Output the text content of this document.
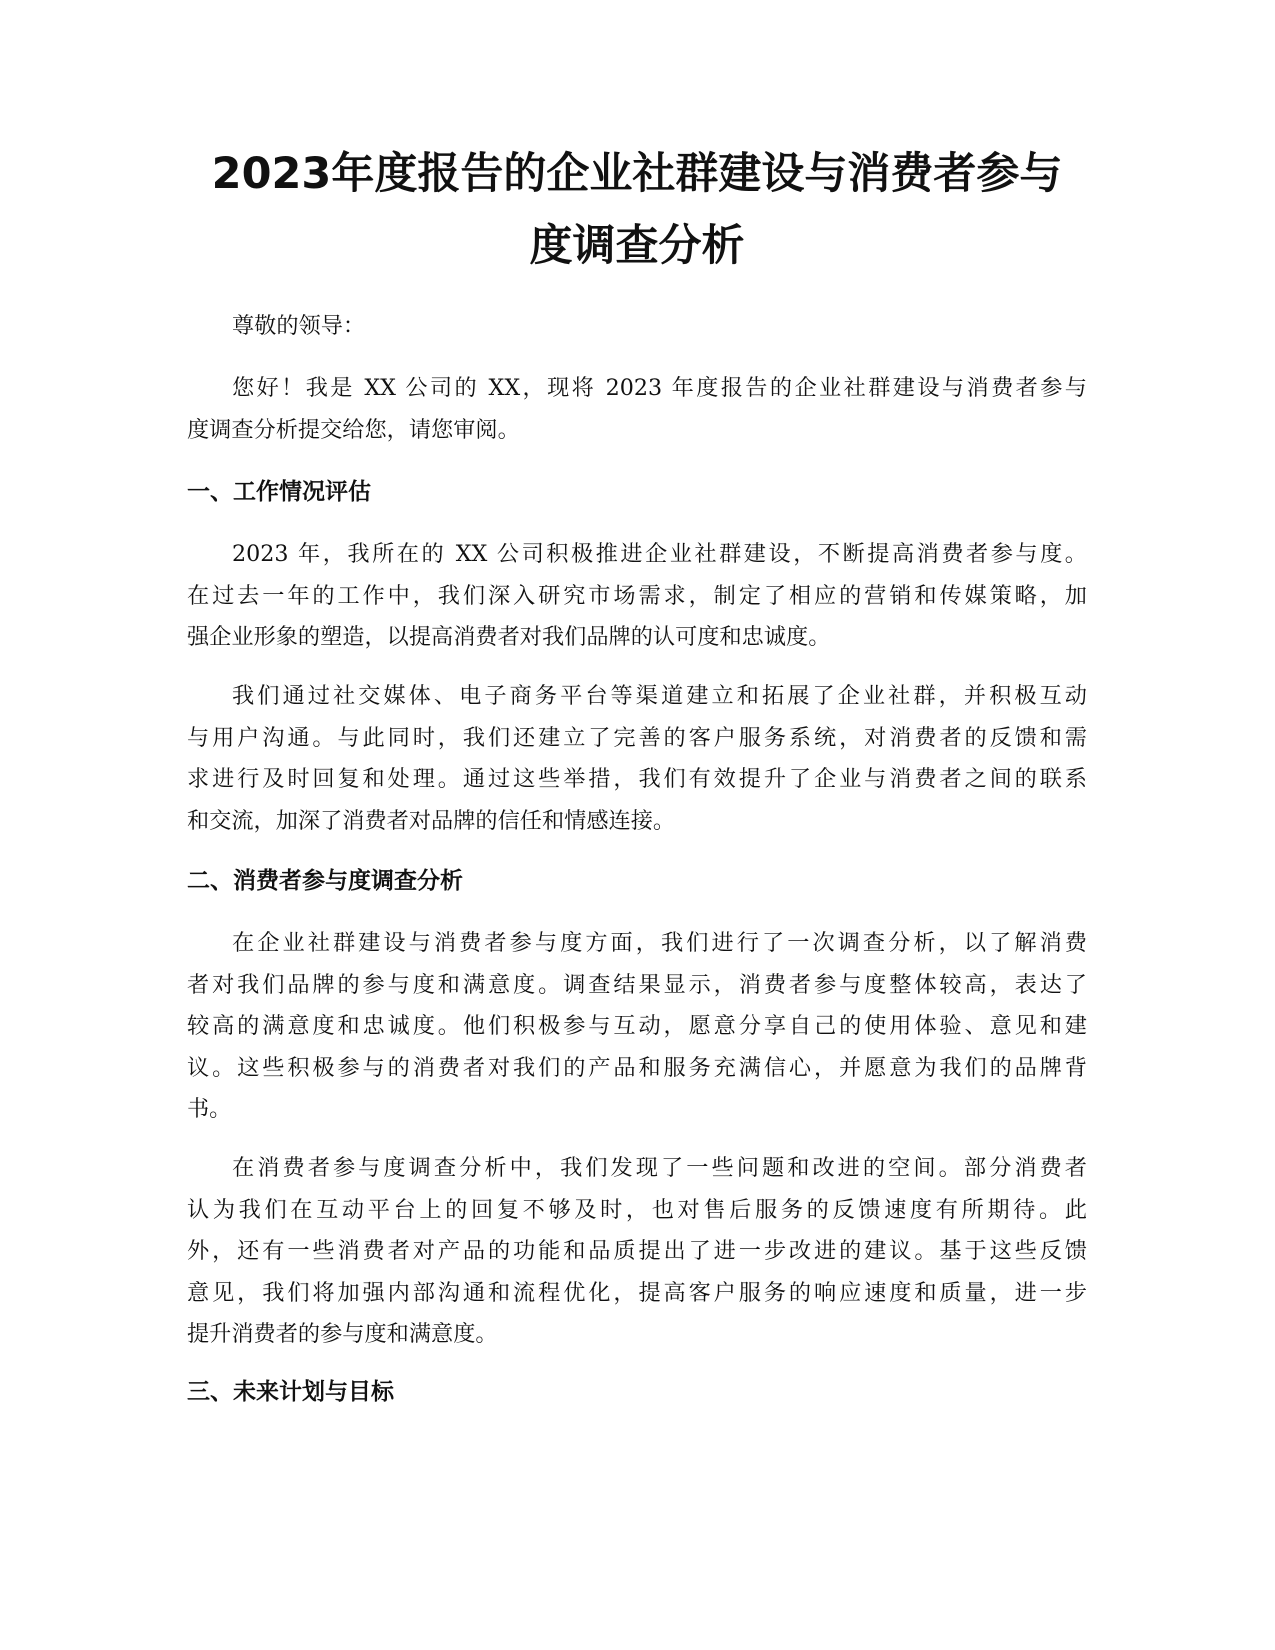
2023年度报告的企业社群建设与消费者参与
度调查分析

尊敬的领导：

您好！我是 XX 公司的 XX，现将 2023 年度报告的企业社群建设与消费者参与
度调查分析提交给您，请您审阅。

一、工作情况评估

2023 年，我所在的 XX 公司积极推进企业社群建设，不断提高消费者参与度。
在过去一年的工作中，我们深入研究市场需求，制定了相应的营销和传媒策略，加
强企业形象的塑造，以提高消费者对我们品牌的认可度和忠诚度。

我们通过社交媒体、电子商务平台等渠道建立和拓展了企业社群，并积极互动
与用户沟通。与此同时，我们还建立了完善的客户服务系统，对消费者的反馈和需
求进行及时回复和处理。通过这些举措，我们有效提升了企业与消费者之间的联系
和交流，加深了消费者对品牌的信任和情感连接。

二、消费者参与度调查分析

在企业社群建设与消费者参与度方面，我们进行了一次调查分析，以了解消费
者对我们品牌的参与度和满意度。调查结果显示，消费者参与度整体较高，表达了
较高的满意度和忠诚度。他们积极参与互动，愿意分享自己的使用体验、意见和建
议。这些积极参与的消费者对我们的产品和服务充满信心，并愿意为我们的品牌背
书。

在消费者参与度调查分析中，我们发现了一些问题和改进的空间。部分消费者
认为我们在互动平台上的回复不够及时，也对售后服务的反馈速度有所期待。此
外，还有一些消费者对产品的功能和品质提出了进一步改进的建议。基于这些反馈
意见，我们将加强内部沟通和流程优化，提高客户服务的响应速度和质量，进一步
提升消费者的参与度和满意度。

三、未来计划与目标
